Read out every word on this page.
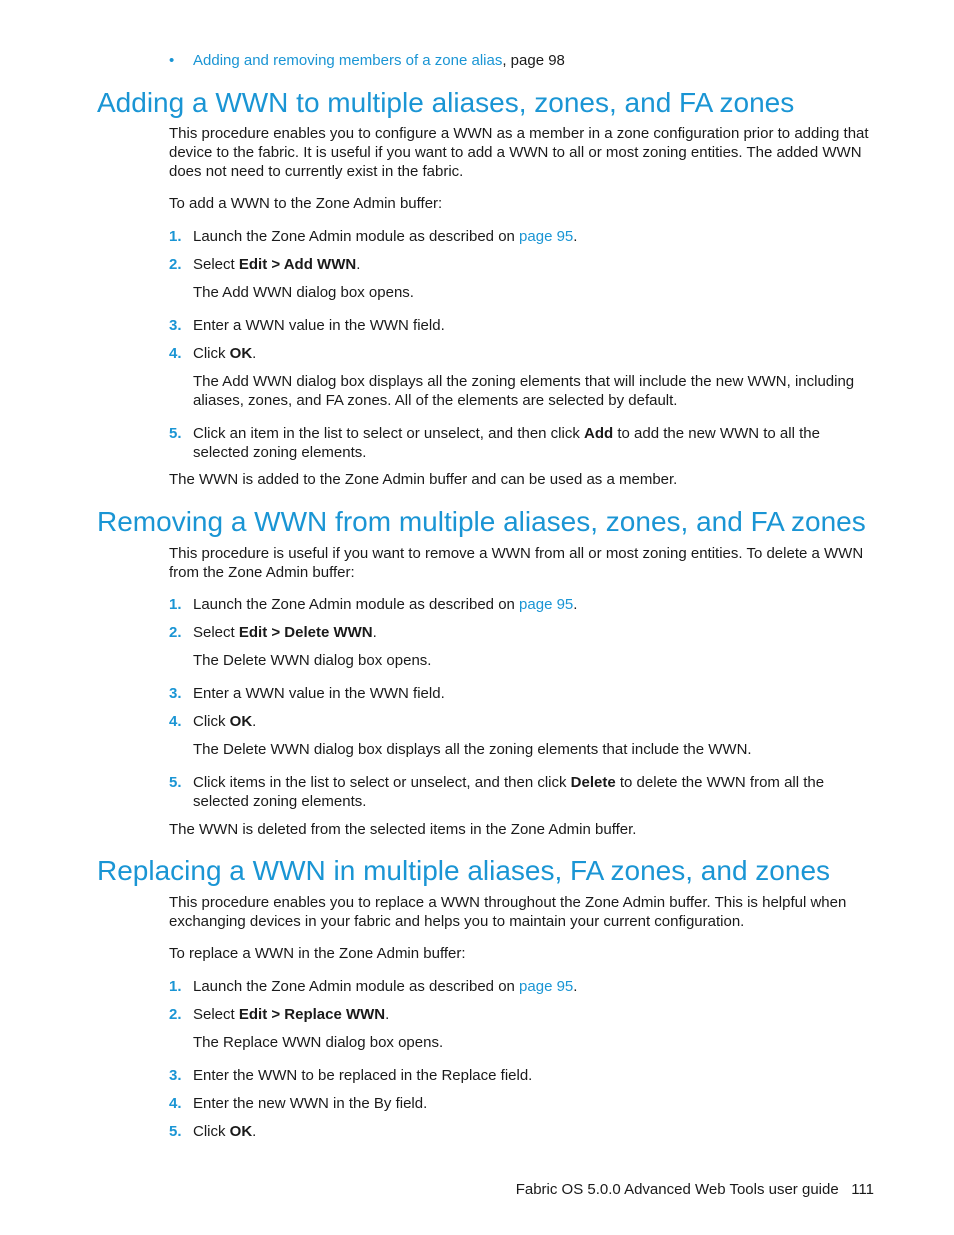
• Adding and removing members of a zone alias, page 98

Adding a WWN to multiple aliases, zones, and FA zones

This procedure enables you to configure a WWN as a member in a zone configuration prior to adding that device to the fabric. It is useful if you want to add a WWN to all or most zoning entities. The added WWN does not need to currently exist in the fabric.

To add a WWN to the Zone Admin buffer:

1. Launch the Zone Admin module as described on page 95.

2. Select Edit > Add WWN.

The Add WWN dialog box opens.

3. Enter a WWN value in the WWN field.

4. Click OK.

The Add WWN dialog box displays all the zoning elements that will include the new WWN, including aliases, zones, and FA zones. All of the elements are selected by default.

5. Click an item in the list to select or unselect, and then click Add to add the new WWN to all the selected zoning elements.

The WWN is added to the Zone Admin buffer and can be used as a member.

Removing a WWN from multiple aliases, zones, and FA zones

This procedure is useful if you want to remove a WWN from all or most zoning entities. To delete a WWN from the Zone Admin buffer:

1. Launch the Zone Admin module as described on page 95.

2. Select Edit > Delete WWN.

The Delete WWN dialog box opens.

3. Enter a WWN value in the WWN field.

4. Click OK.

The Delete WWN dialog box displays all the zoning elements that include the WWN.

5. Click items in the list to select or unselect, and then click Delete to delete the WWN from all the selected zoning elements.

The WWN is deleted from the selected items in the Zone Admin buffer.

Replacing a WWN in multiple aliases, FA zones, and zones

This procedure enables you to replace a WWN throughout the Zone Admin buffer. This is helpful when exchanging devices in your fabric and helps you to maintain your current configuration.

To replace a WWN in the Zone Admin buffer:

1. Launch the Zone Admin module as described on page 95.

2. Select Edit > Replace WWN.

The Replace WWN dialog box opens.

3. Enter the WWN to be replaced in the Replace field.

4. Enter the new WWN in the By field.

5. Click OK.

Fabric OS 5.0.0 Advanced Web Tools user guide 111
